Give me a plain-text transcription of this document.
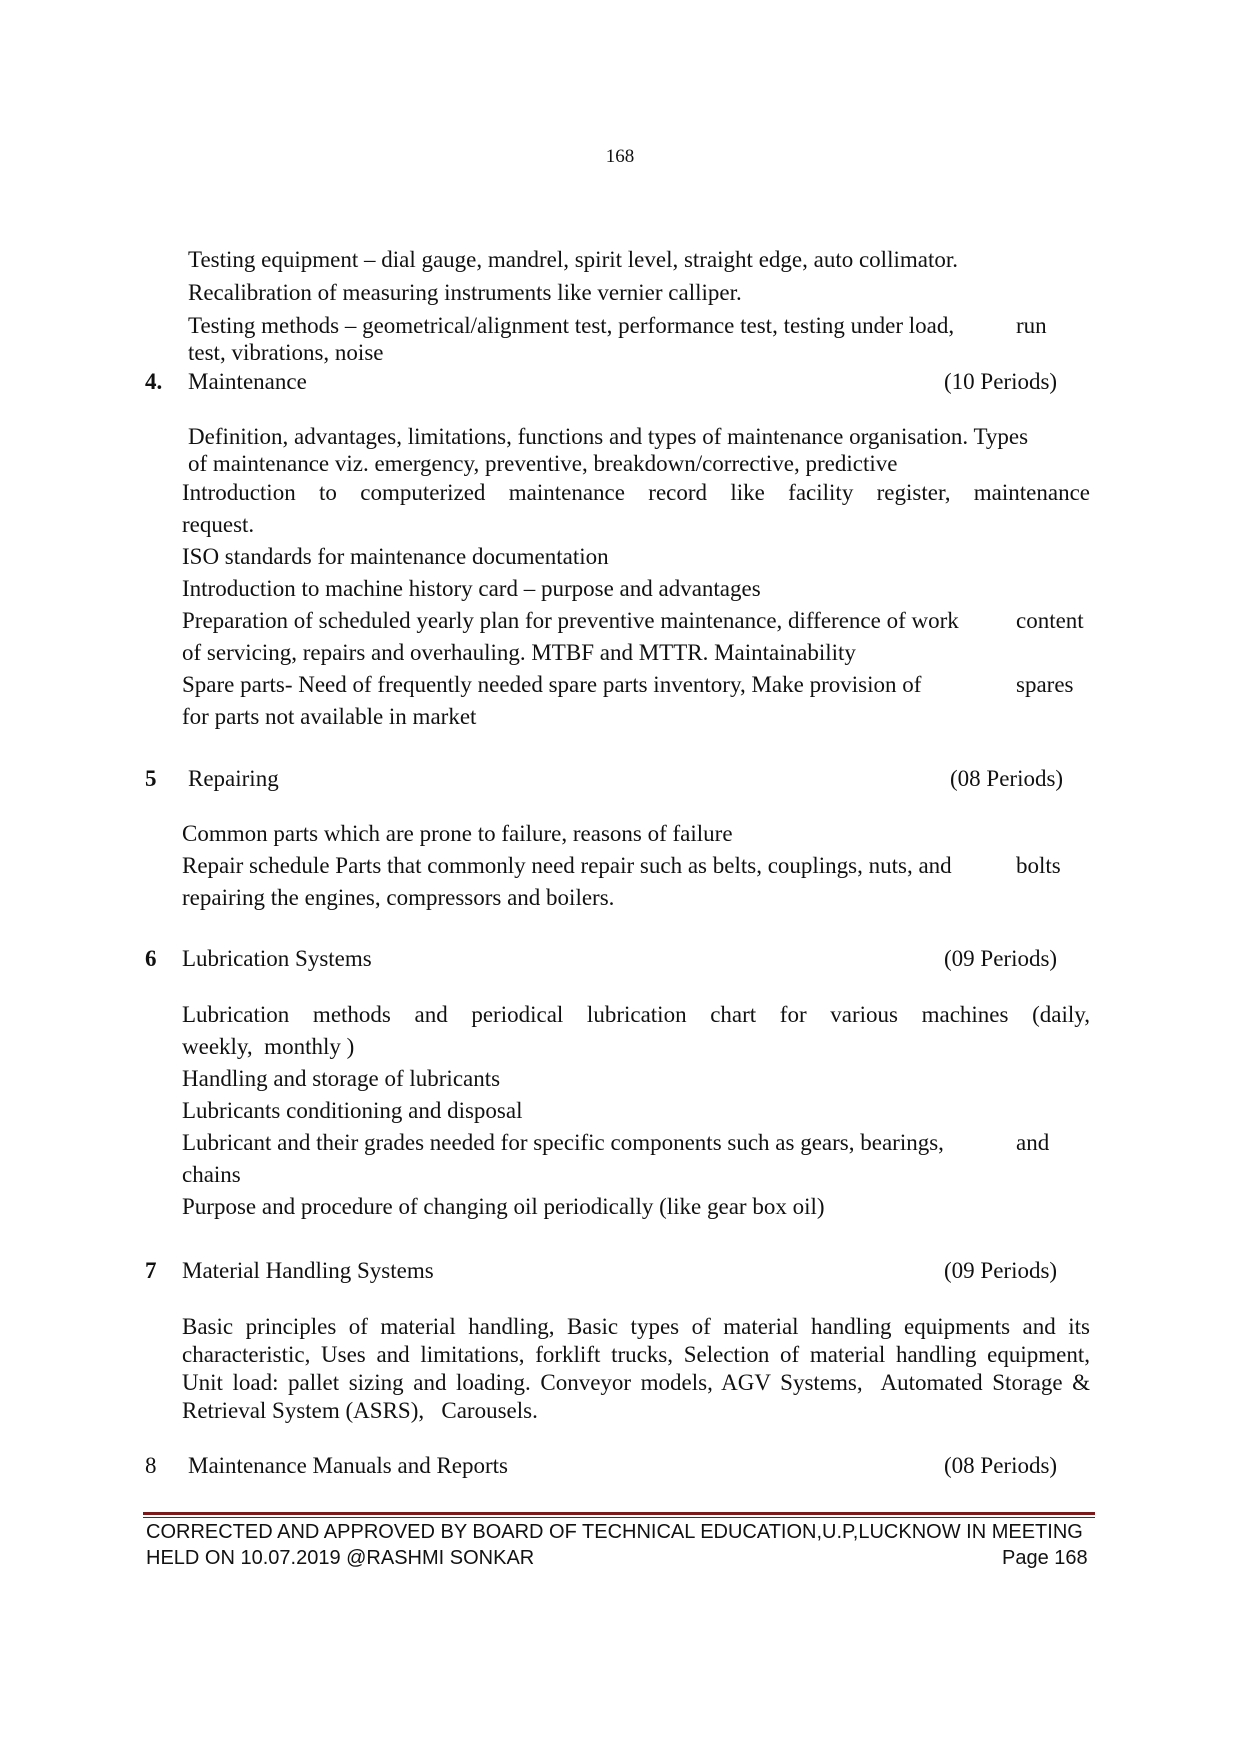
168
Testing equipment – dial gauge, mandrel, spirit level, straight edge, auto collimator.
Recalibration of measuring instruments like vernier calliper.
Testing methods – geometrical/alignment test, performance test, testing under load,	run
test, vibrations, noise
4. Maintenance	(10 Periods)
Definition, advantages, limitations, functions and types of maintenance organisation. Types
of maintenance viz. emergency, preventive, breakdown/corrective, predictive
Introduction to computerized maintenance record like facility register, maintenance
request.
ISO standards for maintenance documentation
Introduction to machine history card – purpose and advantages
Preparation of scheduled yearly plan for preventive maintenance, difference of work content
of servicing, repairs and overhauling. MTBF and MTTR. Maintainability
Spare parts- Need of frequently needed spare parts inventory, Make provision of	spares
for parts not available in market
5 Repairing	(08 Periods)
Common parts which are prone to failure, reasons of failure
Repair schedule Parts that commonly need repair such as belts, couplings, nuts, and	bolts
repairing the engines, compressors and boilers.
6 Lubrication Systems	(09 Periods)
Lubrication methods and periodical lubrication chart for various machines (daily,
weekly,  monthly )
Handling and storage of lubricants
Lubricants conditioning and disposal
Lubricant and their grades needed for specific components such as gears, bearings,	and
chains
Purpose and procedure of changing oil periodically (like gear box oil)
7 Material Handling Systems	(09 Periods)
Basic principles of material handling, Basic types of material handling equipments and its
characteristic, Uses and limitations, forklift trucks, Selection of material handling equipment,
Unit load: pallet sizing and loading. Conveyor models, AGV Systems,  Automated Storage &
Retrieval System (ASRS),   Carousels.
8 Maintenance Manuals and Reports	(08 Periods)
CORRECTED AND APPROVED BY BOARD OF TECHNICAL EDUCATION,U.P,LUCKNOW IN MEETING
HELD ON 10.07.2019 @RASHMI SONKAR	Page 168
